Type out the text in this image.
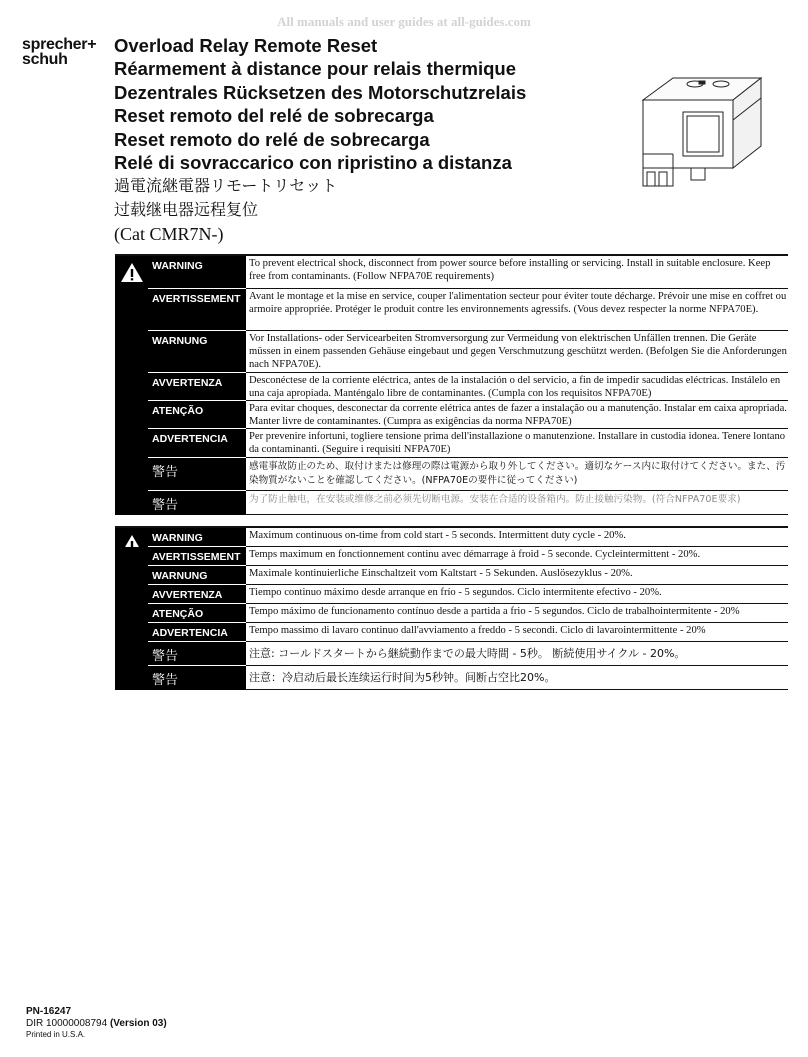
All manuals and user guides at all-guides.com
sprecher+
schuh
Overload Relay Remote Reset
Réarmement à distance pour relais thermique
Dezentrales Rücksetzen des Motorschutzrelais
Reset remoto del relé de sobrecarga
Reset remoto do relé de sobrecarga
Relé di sovraccarico con ripristino a distanza
過電流継電器リモートリセット
过载继电器远程复位
(Cat CMR7N-)
WARNING	To prevent electrical shock, disconnect from power source before installing or servicing. Install in suitable enclosure. Keep free from contaminants. (Follow NFPA70E requirements)
AVERTISSEMENT Avant le montage et la mise en service, couper l'alimentation secteur pour éviter toute décharge. Prévoir une mise en coffret ou armoire appropriée. Protéger le produit contre les environnements agressifs. (Vous devez respecter la norme NFPA70E).
WARNUNG	Vor Installations- oder Servicearbeiten Stromversorgung zur Vermeidung von elektrischen Unfällen trennen. Die Geräte müssen in einem passenden Gehäuse eingebaut und gegen Verschmutzung geschützt werden. (Befolgen Sie die Anforderungen nach NFPA70E).
AVVERTENZA	Desconéctese de la corriente eléctrica, antes de la instalación o del servicio, a fin de impedir sacudidas eléctricas. Instálelo en una caja apropiada. Manténgalo libre de contaminantes. (Cumpla con los requisitos NFPA70E)
ATENÇÃO	Para evitar choques, desconectar da corrente elétrica antes de fazer a instalação ou a manutenção. Instalar em caixa apropriada. Manter livre de contaminantes. (Cumpra as exigências da norma NFPA70E)
ADVERTENCIA	Per prevenire infortuni, togliere tensione prima dell'installazione o manutenzione. Installare in custodia idonea. Tenere lontano da contaminanti. (Seguire i requisiti NFPA70E)
警告	感電事故防止のため、取付けまたは修理の際は電源から取り外してください。適切なケース内に取付けてください。また、汚染物質がないことを確認してください。(NFPA70Eの要件に従ってください)
警告	为了防止触电，在安装或维修之前必须先切断电源。安装在合适的设备箱内。防止接触污染物。(符合NFPA70E要求)
WARNING	Maximum continuous on-time from cold start - 5 seconds. Intermittent duty cycle - 20%.
AVERTISSEMENT Temps maximum en fonctionnement continu avec démarrage à froid - 5 seconde. Cycleintermittent - 20%.
WARNUNG	Maximale kontinuierliche Einschaltzeit vom Kaltstart - 5 Sekunden. Auslösezyklus - 20%.
AVVERTENZA	Tiempo continuo máximo desde arranque en frío - 5 segundos. Ciclo intermitente efectivo - 20%.
ATENÇÃO	Tempo máximo de funcionamento contínuo desde a partida a frio - 5 segundos. Ciclo de trabalhointermitente - 20%
ADVERTENCIA	Tempo massimo di lavaro continuo dall'avviamento a freddo - 5 secondi. Ciclo di lavarointermittente - 20%
警告	注意: コールドスタートから継続動作までの最大時間 - 5秒。 断続使用サイクル - 20%。
警告	注意：冷启动后最长连续运行时间为5秒钟。间断占空比20%。
PN-16247
DIR 10000008794 (Version 03)
Printed in U.S.A.
